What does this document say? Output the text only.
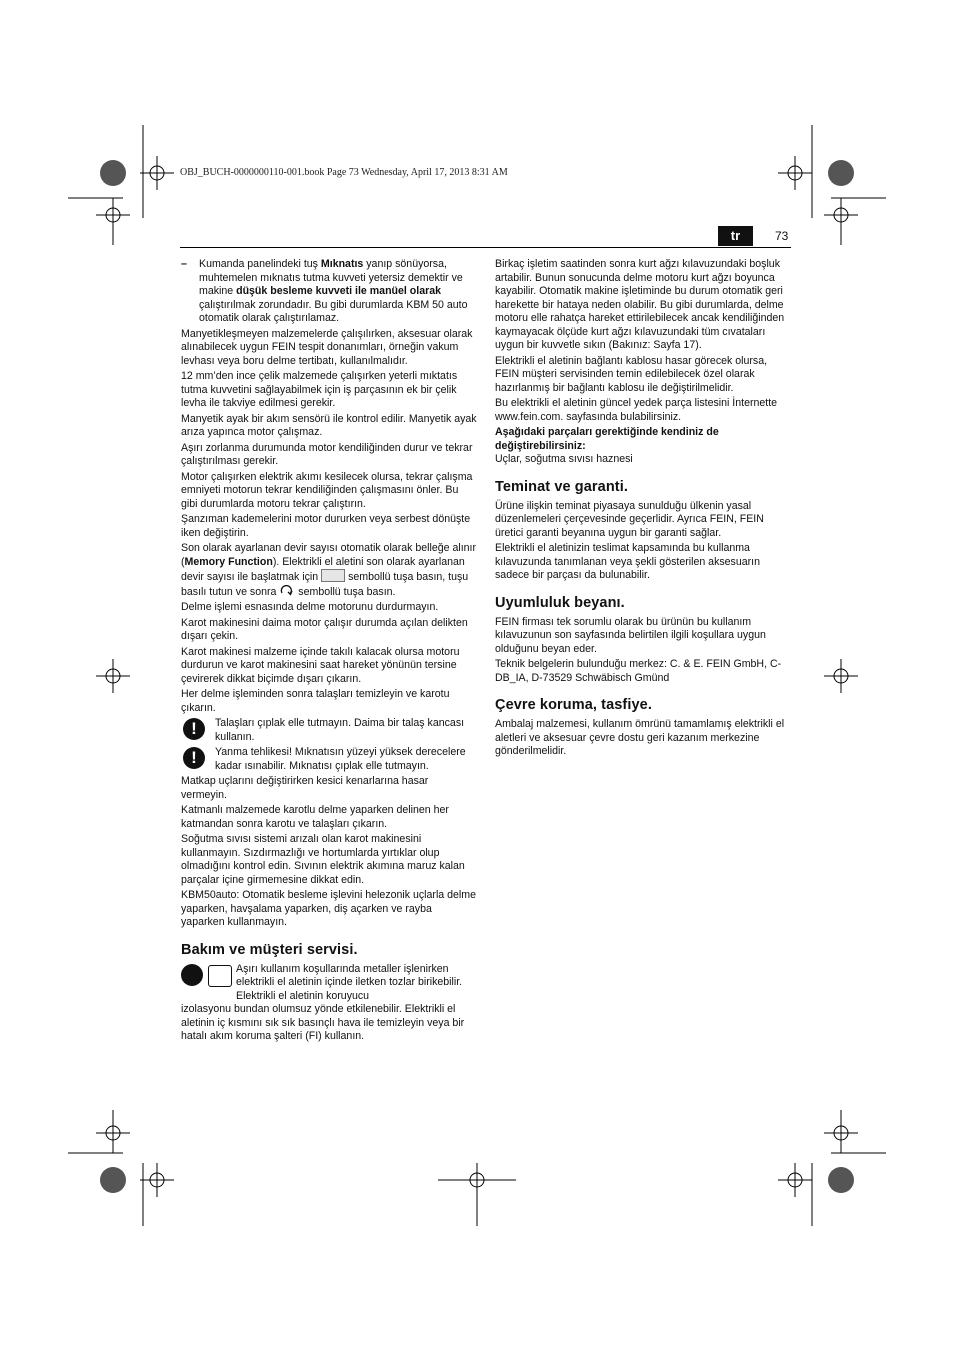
OBJ_BUCH-0000000110-001.book Page 73 Wednesday, April 17, 2013 8:31 AM
tr	73

– Kumanda panelindeki tuş Mıknatıs yanıp sönüyorsa, muhtemelen mıknatıs tutma kuvveti yetersiz demektir ve makine düşük besleme kuvveti ile manüel olarak çalıştırılmak zorundadır. Bu gibi durumlarda KBM 50 auto otomatik olarak çalıştırılamaz.

Manyetikleşmeyen malzemelerde çalışılırken, aksesuar olarak alınabilecek uygun FEIN tespit donanımları, örneğin vakum levhası veya boru delme tertibatı, kullanılmalıdır.

12 mm’den ince çelik malzemede çalışırken yeterli mıktatıs tutma kuvvetini sağlayabilmek için iş parçasının ek bir çelik levha ile takviye edilmesi gerekir.

Manyetik ayak bir akım sensörü ile kontrol edilir. Manyetik ayak arıza yapınca motor çalışmaz.

Aşırı zorlanma durumunda motor kendiliğinden durur ve tekrar çalıştırılması gerekir.

Motor çalışırken elektrik akımı kesilecek olursa, tekrar çalışma emniyeti motorun tekrar kendiliğinden çalışmasını önler. Bu gibi durumlarda motoru tekrar çalıştırın.

Şanzıman kademelerini motor dururken veya serbest dönüşte iken değiştirin.

Son olarak ayarlanan devir sayısı otomatik olarak belleğe alınır (Memory Function). Elektrikli el aletini son olarak ayarlanan devir sayısı ile başlatmak için  sembollü tuşa basın, tuşu basılı tutun ve sonra  sembollü tuşa basın.

Delme işlemi esnasında delme motorunu durdurmayın.

Karot makinesini daima motor çalışır durumda açılan delikten dışarı çekin.

Karot makinesi malzeme içinde takılı kalacak olursa motoru durdurun ve karot makinesini saat hareket yönünün tersine çevirerek dikkat biçimde dışarı çıkarın.

Her delme işleminden sonra talaşları temizleyin ve karotu çıkarın.

!	Talaşları çıplak elle tutmayın. Daima bir talaş kancası kullanın.
!	Yanma tehlikesi! Mıknatısın yüzeyi yüksek derecelere kadar ısınabilir. Mıknatısı çıplak elle tutmayın.

Matkap uçlarını değiştirirken kesici kenarlarına hasar vermeyin.

Katmanlı malzemede karotlu delme yaparken delinen her katmandan sonra karotu ve talaşları çıkarın.

Soğutma sıvısı sistemi arızalı olan karot makinesini kullanmayın. Sızdırmazlığı ve hortumlarda yırtıklar olup olmadığını kontrol edin. Sıvının elektrik akımına maruz kalan parçalar içine girmemesine dikkat edin.

KBM50auto: Otomatik besleme işlevini helezonik uçlarla delme yaparken, havşalama yaparken, diş açarken ve rayba yaparken kullanmayın.

Bakım ve müşteri servisi.
Aşırı kullanım koşullarında metaller işlenirken elektrikli el aletinin içinde iletken tozlar birikebilir. Elektrikli el aletinin koruyucu
izolasyonu bundan olumsuz yönde etkilenebilir. Elektrikli el aletinin iç kısmını sık sık basınçlı hava ile temizleyin veya bir hatalı akım koruma şalteri (FI) kullanın.

Birkaç işletim saatinden sonra kurt ağzı kılavuzundaki boşluk artabilir. Bunun sonucunda delme motoru kurt ağzı boyunca kayabilir. Otomatik makine işletiminde bu durum otomatik geri harekette bir hataya neden olabilir. Bu gibi durumlarda, delme motoru elle rahatça hareket ettirilebilecek ancak kendiliğinden kaymayacak ölçüde kurt ağzı kılavuzundaki tüm cıvataları uygun bir kuvvetle sıkın (Bakınız: Sayfa 17).

Elektrikli el aletinin bağlantı kablosu hasar görecek olursa, FEIN müşteri servisinden temin edilebilecek özel olarak hazırlanmış bir bağlantı kablosu ile değiştirilmelidir.

Bu elektrikli el aletinin güncel yedek parça listesini İnternette www.fein.com. sayfasında bulabilirsiniz.

Aşağıdaki parçaları gerektiğinde kendiniz de değiştirebilirsiniz:

Uçlar, soğutma sıvısı haznesi

Teminat ve garanti.

Ürüne ilişkin teminat piyasaya sunulduğu ülkenin yasal düzenlemeleri çerçevesinde geçerlidir. Ayrıca FEIN, FEIN üretici garanti beyanına uygun bir garanti sağlar.

Elektrikli el aletinizin teslimat kapsamında bu kullanma kılavuzunda tanımlanan veya şekli gösterilen aksesuarın sadece bir parçası da bulunabilir.

Uyumluluk beyanı.

FEIN firması tek sorumlu olarak bu ürünün bu kullanım kılavuzunun son sayfasında belirtilen ilgili koşullara uygun olduğunu beyan eder.

Teknik belgelerin bulunduğu merkez: C. & E. FEIN GmbH, C-DB_IA, D-73529 Schwäbisch Gmünd

Çevre koruma, tasfiye.

Ambalaj malzemesi, kullanım ömrünü tamamlamış elektrikli el aletleri ve aksesuar çevre dostu geri kazanım merkezine gönderilmelidir.
